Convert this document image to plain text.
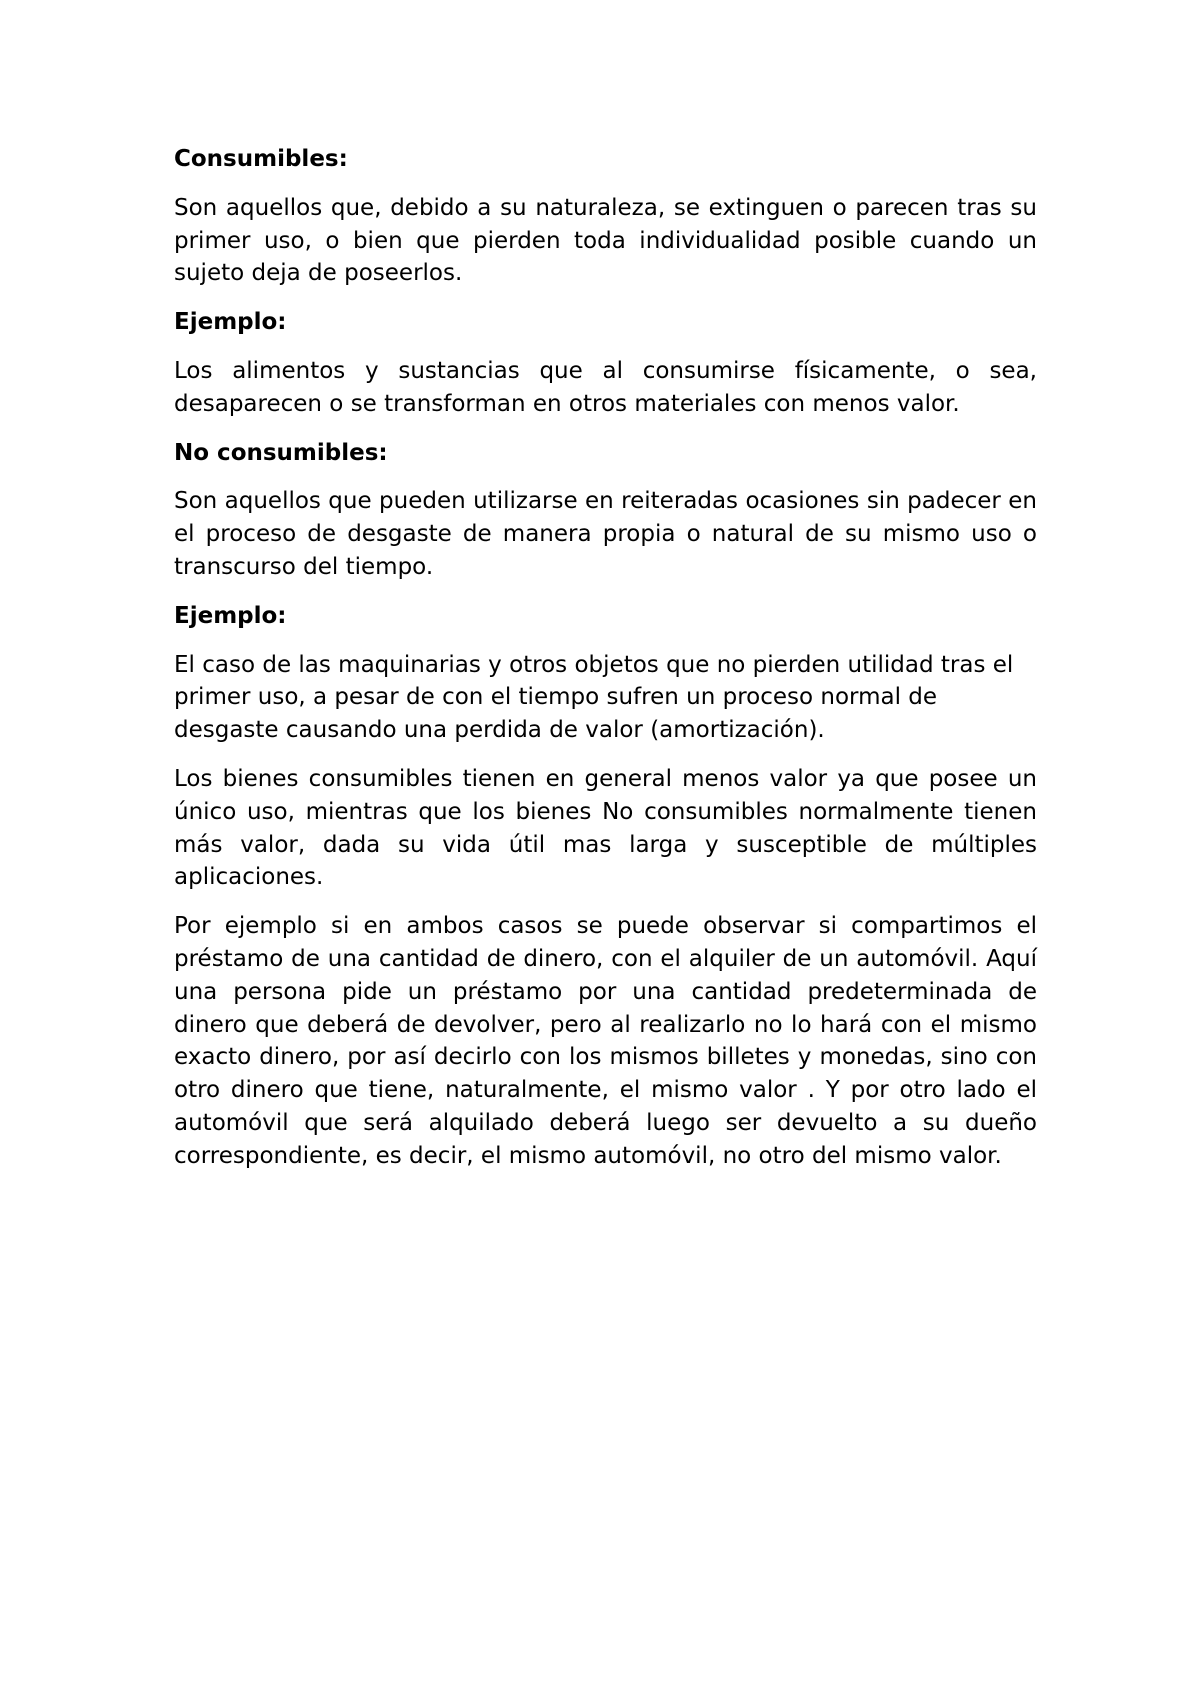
Consumibles:

Son aquellos que, debido a su naturaleza, se extinguen o parecen tras su primer uso, o bien que pierden toda individualidad posible cuando un sujeto deja de poseerlos.

Ejemplo:

Los alimentos y sustancias que al consumirse físicamente, o sea, desaparecen o se transforman en otros materiales con menos valor.

No consumibles:

Son aquellos que pueden utilizarse en reiteradas ocasiones sin padecer en el proceso de desgaste de manera propia o natural de su mismo uso o transcurso del tiempo.

Ejemplo:

El caso de las maquinarias y otros objetos que no pierden utilidad tras el primer uso, a pesar de con el tiempo sufren un proceso normal de desgaste causando una perdida de valor (amortización).

Los bienes consumibles tienen en general menos valor ya que posee un único uso, mientras que los bienes No consumibles normalmente tienen más valor, dada su vida útil mas larga y susceptible de múltiples aplicaciones.

Por ejemplo si en ambos casos se puede observar si compartimos el préstamo de una cantidad de dinero, con el alquiler de un automóvil. Aquí una persona pide un préstamo por una cantidad predeterminada de dinero que deberá de devolver, pero al realizarlo no lo hará con el mismo exacto dinero, por así decirlo con los mismos billetes y monedas, sino con otro dinero que tiene, naturalmente, el mismo valor . Y por otro lado el automóvil que será alquilado deberá luego ser devuelto a su dueño correspondiente, es decir, el mismo automóvil, no otro del mismo valor.
